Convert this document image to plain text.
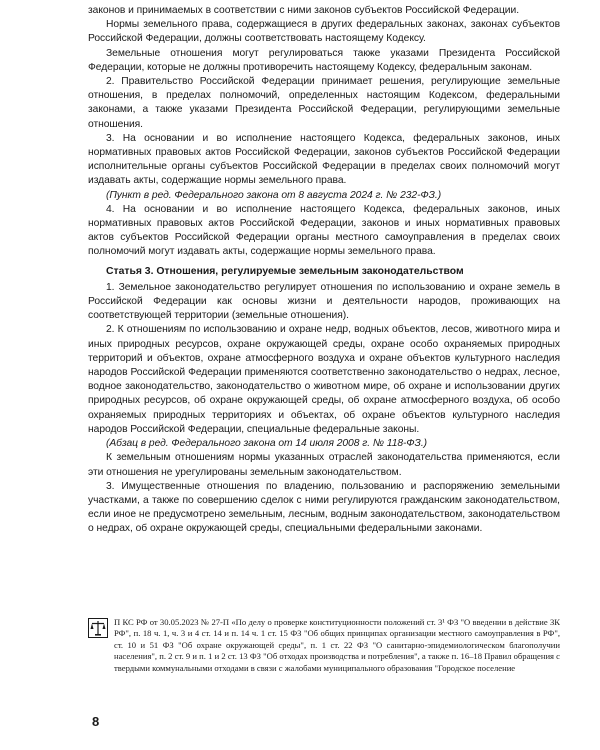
законов и принимаемых в соответствии с ними законов субъектов Российской Федерации.

Нормы земельного права, содержащиеся в других федеральных законах, законах субъектов Российской Федерации, должны соответствовать настоящему Кодексу.

Земельные отношения могут регулироваться также указами Президента Российской Федерации, которые не должны противоречить настоящему Кодексу, федеральным законам.

2. Правительство Российской Федерации принимает решения, регулирующие земельные отношения, в пределах полномочий, определенных настоящим Кодексом, федеральными законами, а также указами Президента Российской Федерации, регулирующими земельные отношения.

3. На основании и во исполнение настоящего Кодекса, федеральных законов, иных нормативных правовых актов Российской Федерации, законов субъектов Российской Федерации исполнительные органы субъектов Российской Федерации в пределах своих полномочий могут издавать акты, содержащие нормы земельного права.

(Пункт в ред. Федерального закона от 8 августа 2024 г. № 232-ФЗ.)

4. На основании и во исполнение настоящего Кодекса, федеральных законов, иных нормативных правовых актов Российской Федерации, законов и иных нормативных правовых актов субъектов Российской Федерации органы местного самоуправления в пределах своих полномочий могут издавать акты, содержащие нормы земельного права.

Статья 3. Отношения, регулируемые земельным законодательством

1. Земельное законодательство регулирует отношения по использованию и охране земель в Российской Федерации как основы жизни и деятельности народов, проживающих на соответствующей территории (земельные отношения).

2. К отношениям по использованию и охране недр, водных объектов, лесов, животного мира и иных природных ресурсов, охране окружающей среды, охране особо охраняемых природных территорий и объектов, охране атмосферного воздуха и охране объектов культурного наследия народов Российской Федерации применяются соответственно законодательство о недрах, лесное, водное законодательство, законодательство о животном мире, об охране и использовании других природных ресурсов, об охране окружающей среды, об охране атмосферного воздуха, об особо охраняемых природных территориях и объектах, об охране объектов культурного наследия народов Российской Федерации, специальные федеральные законы.

(Абзац в ред. Федерального закона от 14 июля 2008 г. № 118-ФЗ.)

К земельным отношениям нормы указанных отраслей законодательства применяются, если эти отношения не урегулированы земельным законодательством.

3. Имущественные отношения по владению, пользованию и распоряжению земельными участками, а также по совершению сделок с ними регулируются гражданским законодательством, если иное не предусмотрено земельным, лесным, водным законодательством, законодательством о недрах, об охране окружающей среды, специальными федеральными законами.

П КС РФ от 30.05.2023 № 27-П «По делу о проверке конституционности положений ст. 3¹ ФЗ "О введении в действие ЗК РФ", п. 18 ч. 1, ч. 3 и 4 ст. 14 и п. 14 ч. 1 ст. 15 ФЗ "Об общих принципах организации местного самоуправления в РФ", ст. 10 и 51 ФЗ "Об охране окружающей среды", п. 1 ст. 22 ФЗ "О санитарно-эпидемиологическом благополучии населения", п. 2 ст. 9 и п. 1 и 2 ст. 13 ФЗ "Об отходах производства и потребления", а также п. 16–18 Правил обращения с твердыми коммунальными отходами в связи с жалобами муниципального образования "Городское поселение

8
